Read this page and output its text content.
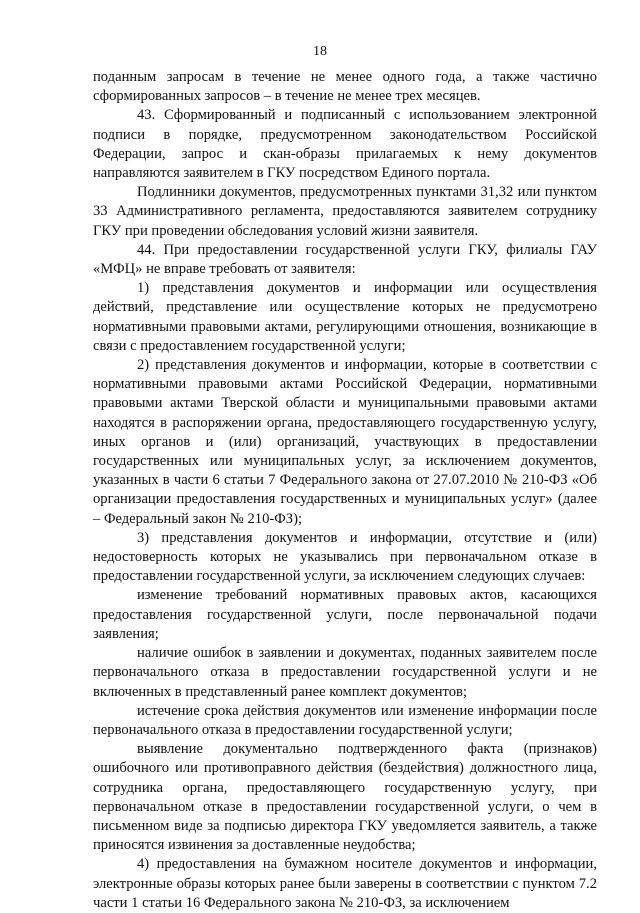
18

поданным запросам в течение не менее одного года, а также частично сформированных запросов – в течение не менее трех месяцев.

43. Сформированный и подписанный с использованием электронной подписи в порядке, предусмотренном законодательством Российской Федерации, запрос и скан-образы прилагаемых к нему документов направляются заявителем в ГКУ посредством Единого портала.

Подлинники документов, предусмотренных пунктами 31,32 или пунктом 33 Административного регламента, предоставляются заявителем сотруднику ГКУ при проведении обследования условий жизни заявителя.

44. При предоставлении государственной услуги ГКУ, филиалы ГАУ «МФЦ» не вправе требовать от заявителя:

1) представления документов и информации или осуществления действий, представление или осуществление которых не предусмотрено нормативными правовыми актами, регулирующими отношения, возникающие в связи с предоставлением государственной услуги;

2) представления документов и информации, которые в соответствии с нормативными правовыми актами Российской Федерации, нормативными правовыми актами Тверской области и муниципальными правовыми актами находятся в распоряжении органа, предоставляющего государственную услугу, иных органов и (или) организаций, участвующих в предоставлении государственных или муниципальных услуг, за исключением документов, указанных в части 6 статьи 7 Федерального закона от 27.07.2010 № 210-ФЗ «Об организации предоставления государственных и муниципальных услуг» (далее – Федеральный закон № 210-ФЗ);

3) представления документов и информации, отсутствие и (или) недостоверность которых не указывались при первоначальном отказе в предоставлении государственной услуги, за исключением следующих случаев:

изменение требований нормативных правовых актов, касающихся предоставления государственной услуги, после первоначальной подачи заявления;

наличие ошибок в заявлении и документах, поданных заявителем после первоначального отказа в предоставлении государственной услуги и не включенных в представленный ранее комплект документов;

истечение срока действия документов или изменение информации после первоначального отказа в предоставлении государственной услуги;

выявление документально подтвержденного факта (признаков) ошибочного или противоправного действия (бездействия) должностного лица, сотрудника органа, предоставляющего государственную услугу, при первоначальном отказе в предоставлении государственной услуги, о чем в письменном виде за подписью директора ГКУ уведомляется заявитель, а также приносятся извинения за доставленные неудобства;

4) предоставления на бумажном носителе документов и информации, электронные образы которых ранее были заверены в соответствии с пунктом 7.2 части 1 статьи 16 Федерального закона № 210-ФЗ, за исключением
